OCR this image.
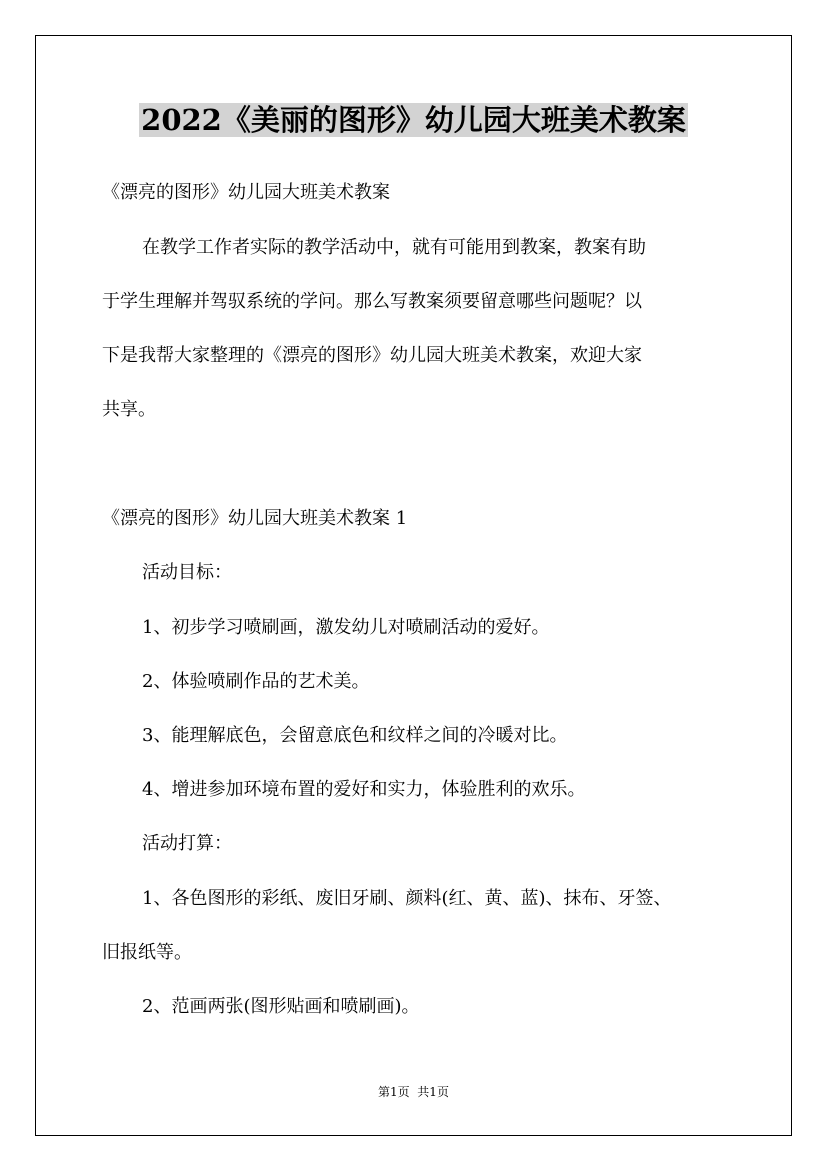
2022《美丽的图形》幼儿园大班美术教案

《漂亮的图形》幼儿园大班美术教案

在教学工作者实际的教学活动中，就有可能用到教案，教案有助

于学生理解并驾驭系统的学问。那么写教案须要留意哪些问题呢？以

下是我帮大家整理的《漂亮的图形》幼儿园大班美术教案，欢迎大家

共享。

《漂亮的图形》幼儿园大班美术教案 1

活动目标：

1、初步学习喷刷画，激发幼儿对喷刷活动的爱好。

2、体验喷刷作品的艺术美。

3、能理解底色，会留意底色和纹样之间的冷暖对比。

4、增进参加环境布置的爱好和实力，体验胜利的欢乐。

活动打算：

1、各色图形的彩纸、废旧牙刷、颜料(红、黄、蓝)、抹布、牙签、

旧报纸等。

2、范画两张(图形贴画和喷刷画)。

第1页  共1页
